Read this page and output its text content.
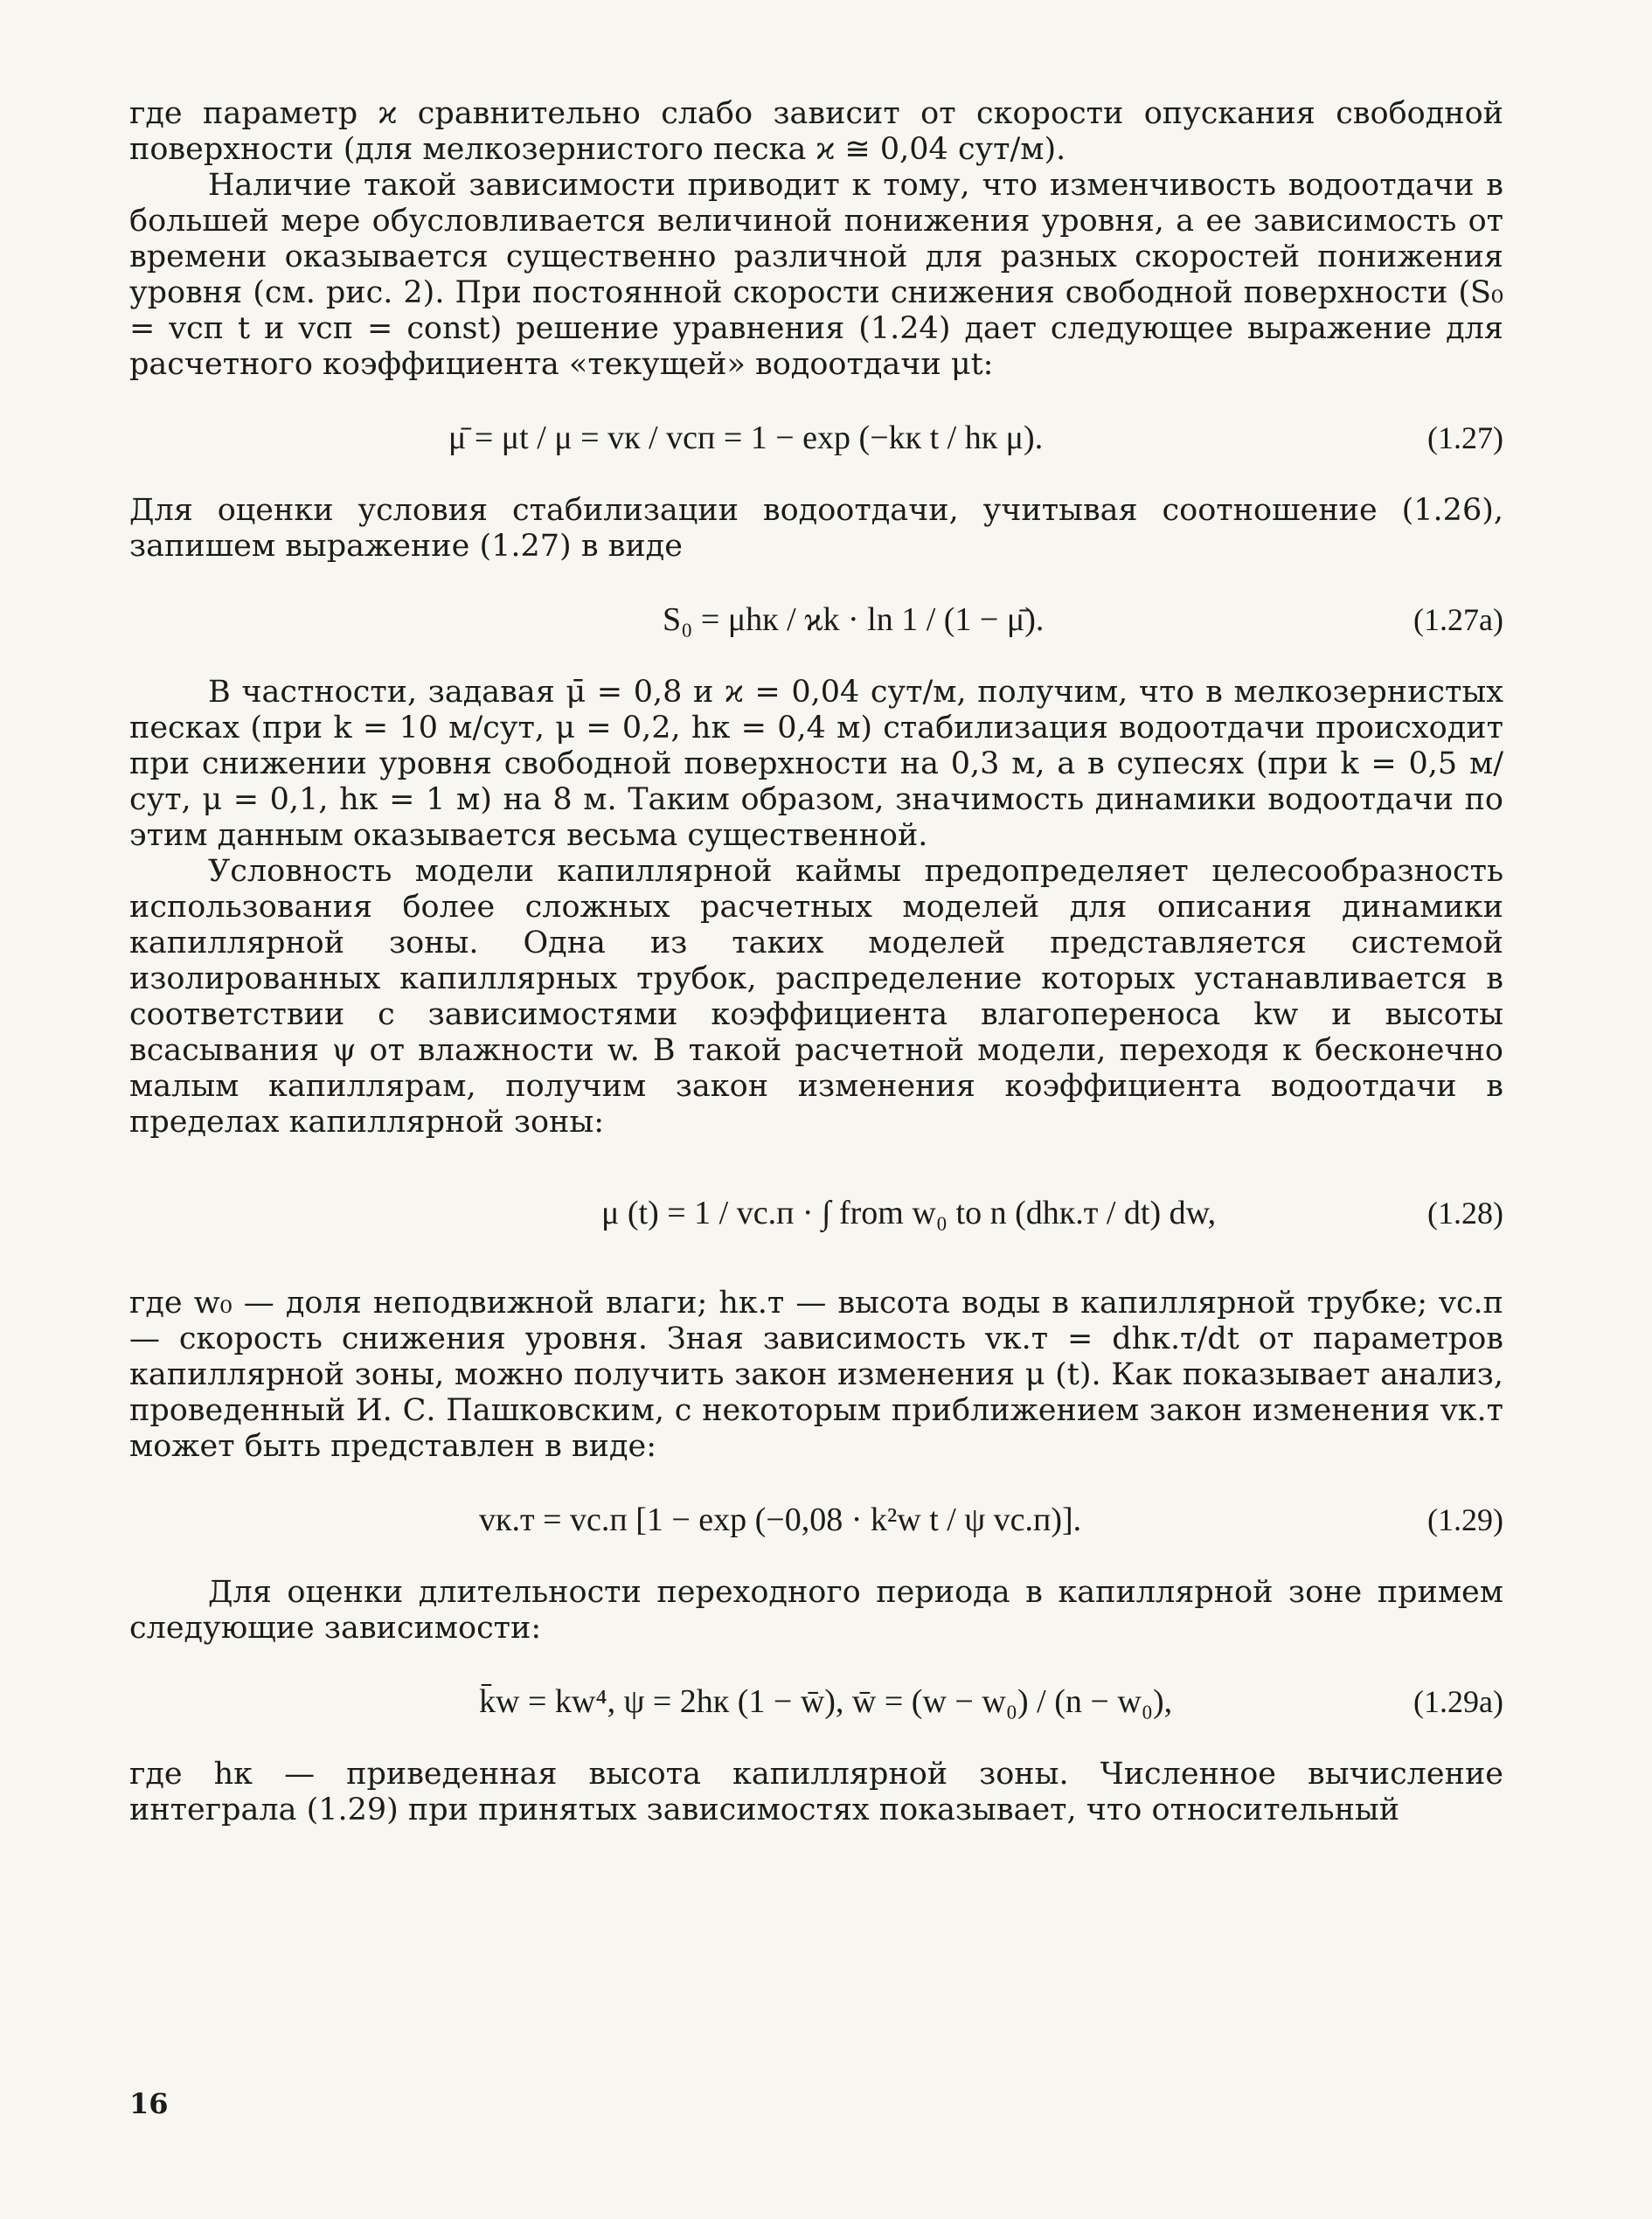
где параметр ϰ сравнительно слабо зависит от скорости опускания свободной поверхности (для мелкозернистого песка ϰ ≅ 0,04 сут/м).

Наличие такой зависимости приводит к тому, что изменчивость водоотдачи в большей мере обусловливается величиной понижения уровня, а ее зависимость от времени оказывается существенно различной для разных скоростей понижения уровня (см. рис. 2). При постоянной скорости снижения свободной поверхности (S₀ = vсп t и vсп = const) решение уравнения (1.24) дает следующее выражение для расчетного коэффициента «текущей» водоотдачи μt:

μ̄ = μt / μ = vк / vсп = 1 − exp (−kк t / hк μ).	(1.27)

Для оценки условия стабилизации водоотдачи, учитывая соотношение (1.26), запишем выражение (1.27) в виде

S₀ = μhк / ϰk · ln 1 / (1 − μ̄).	(1.27а)

В частности, задавая μ̄ = 0,8 и ϰ = 0,04 сут/м, получим, что в мелкозернистых песках (при k = 10 м/сут, μ = 0,2, hк = 0,4 м) стабилизация водоотдачи происходит при снижении уровня свободной поверхности на 0,3 м, а в супесях (при k = 0,5 м/сут, μ = 0,1, hк = 1 м) на 8 м. Таким образом, значимость динамики водоотдачи по этим данным оказывается весьма существенной.

Условность модели капиллярной каймы предопределяет целесообразность использования более сложных расчетных моделей для описания динамики капиллярной зоны. Одна из таких моделей представляется системой изолированных капиллярных трубок, распределение которых устанавливается в соответствии с зависимостями коэффициента влагопереноса kw и высоты всасывания ψ от влажности w. В такой расчетной модели, переходя к бесконечно малым капиллярам, получим закон изменения коэффициента водоотдачи в пределах капиллярной зоны:

μ (t) = 1 / vс.п · ∫ from w₀ to n (dhк.т / dt) dw,	(1.28)

где w₀ — доля неподвижной влаги; hк.т — высота воды в капиллярной трубке; vс.п — скорость снижения уровня. Зная зависимость vк.т = dhк.т/dt от параметров капиллярной зоны, можно получить закон изменения μ (t). Как показывает анализ, проведенный И. С. Пашковским, с некоторым приближением закон изменения vк.т может быть представлен в виде:

vк.т = vс.п [1 − exp (−0,08 · k²w t / ψ vс.п)].	(1.29)

Для оценки длительности переходного периода в капиллярной зоне примем следующие зависимости:

k̄w = kw⁴, ψ = 2hк (1 − w̄), w̄ = (w − w₀) / (n − w₀),	(1.29а)

где hк — приведенная высота капиллярной зоны. Численное вычисление интеграла (1.29) при принятых зависимостях показывает, что относительный

16
